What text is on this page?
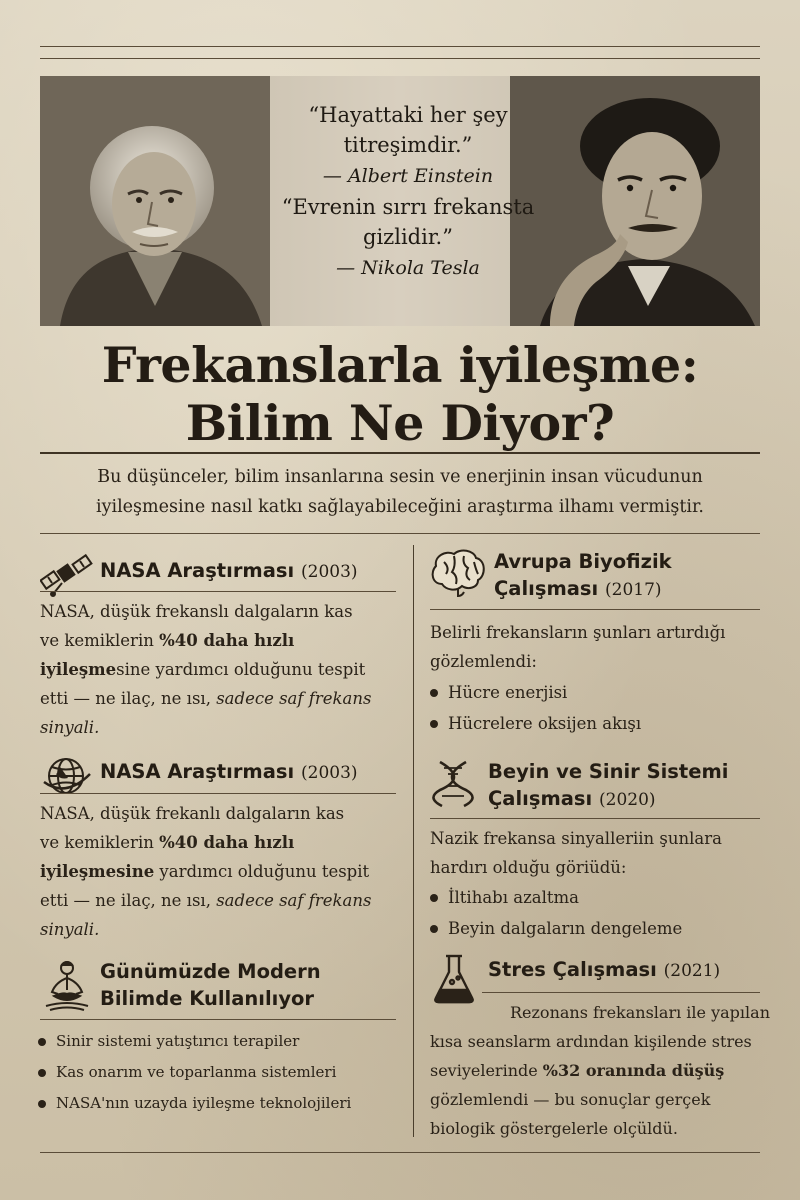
“Hayattaki her şey titreşimdir.”
— Albert Einstein
“Evrenin sırrı frekansta
gizlidir.”
— Nikola Tesla
Frekanslarla iyileşme:
Bilim Ne Diyor?
Bu düşünceler, bilim insanlarına sesin ve enerjinin insan vücudunun
iyileşmesine nasıl katkı sağlayabileceğini araştırma ilhamı vermiştir.
NASA Araştırması (2003)
NASA, düşük frekanslı dalgaların kas
ve kemiklerin %40 daha hızlı
iyileşmesine yardımcı olduğunu tespit
etti — ne ilaç, ne ısı, sadece saf frekans
sinyali.
NASA Araştırması (2003)
NASA, düşük frekanlı dalgaların kas
ve kemiklerin %40 daha hızlı
iyileşmesine yardımcı olduğunu tespit
etti — ne ilaç, ne ısı, sadece saf frekans
sinyali.
Günümüzde Modern
Bilimde Kullanılıyor
Sinir sistemi yatıştırıcı terapiler
Kas onarım ve toparlanma sistemleri
NASA'nın uzayda iyileşme teknolojileri
Avrupa Biyofizik
Çalışması (2017)
Belirli frekansların şunları artırdığı
gözlemlendi:
Hücre enerjisi
Hücrelere oksijen akışı
Beyin ve Sinir Sistemi
Çalışması (2020)
Nazik frekansa sinyalleriin şunlara
hardırı olduğu göriüdü:
İltihabı azaltma
Beyin dalgaların dengeleme
Stres Çalışması (2021)
Rezonans frekansları ile yapılan
kısa seanslarm ardından kişilende stres
seviyelerinde %32 oranında düşüş
gözlemlendi — bu sonuçlar gerçek
biologik göstergelerle olçüldü.
